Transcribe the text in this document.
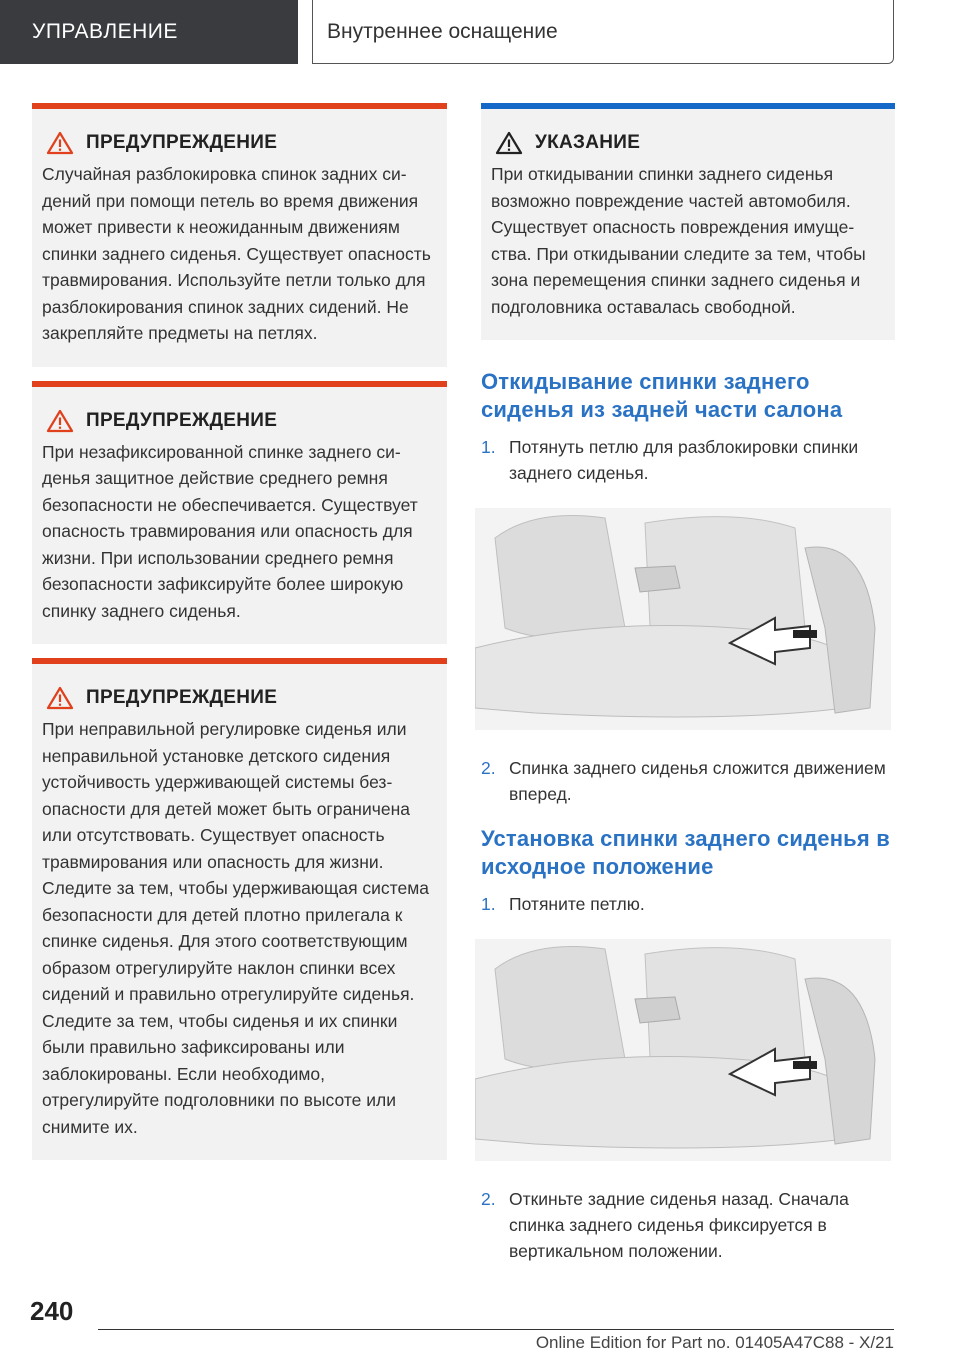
УПРАВЛЕНИЕ	Внутреннее оснащение
ПРЕДУПРЕЖДЕНИЕ
Случайная разблокировка спинок задних сидений при помощи петель во время движения может привести к неожиданным движениям спинки заднего сиденья. Существует опасность травмирования. Используйте петли только для разблокирования спинок задних сидений. Не закрепляйте предметы на петлях.
ПРЕДУПРЕЖДЕНИЕ
При незафиксированной спинке заднего сиденья защитное действие среднего ремня безопасности не обеспечивается. Существует опасность травмирования или опасность для жизни. При использовании среднего ремня безопасности зафиксируйте более широкую спинку заднего сиденья.
ПРЕДУПРЕЖДЕНИЕ
При неправильной регулировке сиденья или неправильной установке детского сидения устойчивость удерживающей системы безопасности для детей может быть ограничена или отсутствовать. Существует опасность травмирования или опасность для жизни. Следите за тем, чтобы удерживающая система безопасности для детей плотно прилегала к спинке сиденья. Для этого соответствующим образом отрегулируйте наклон спинки всех сидений и правильно отрегулируйте сиденья. Следите за тем, чтобы сиденья и их спинки были правильно зафиксированы или заблокированы. Если необходимо, отрегулируйте подголовники по высоте или снимите их.
УКАЗАНИЕ
При откидывании спинки заднего сиденья возможно повреждение частей автомобиля. Существует опасность повреждения имущества. При откидывании следите за тем, чтобы зона перемещения спинки заднего сиденья и подголовника оставалась свободной.
Откидывание спинки заднего сиденья из задней части салона
1. Потянуть петлю для разблокировки спинки заднего сиденья.
2. Спинка заднего сиденья сложится движением вперед.
Установка спинки заднего сиденья в исходное положение
1. Потяните петлю.
2. Откиньте задние сиденья назад. Сначала спинка заднего сиденья фиксируется в вертикальном положении.
240
Online Edition for Part no. 01405A47C88 - X/21
